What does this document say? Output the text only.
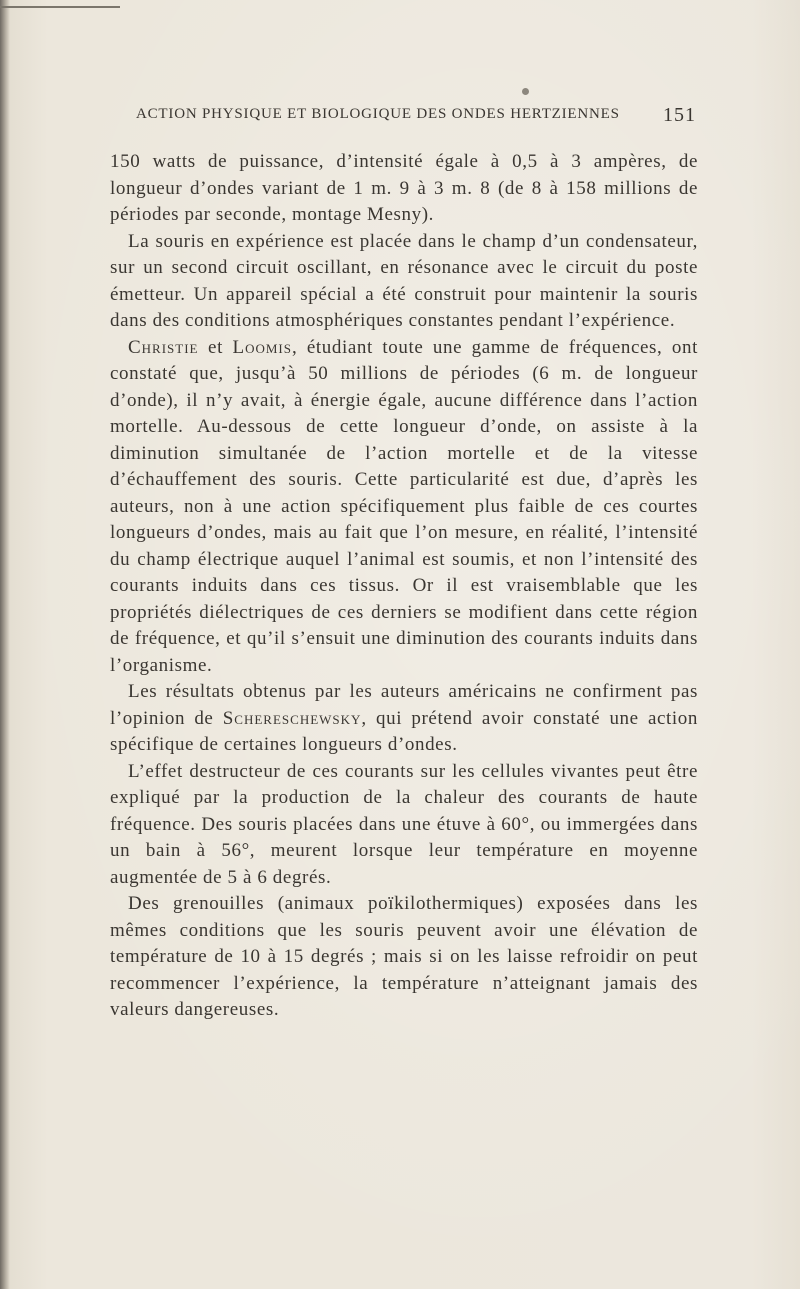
ACTION PHYSIQUE ET BIOLOGIQUE DES ONDES HERTZIENNES 151

150 watts de puissance, d’intensité égale à 0,5 à 3 ampères, de longueur d’ondes variant de 1 m. 9 à 3 m. 8 (de 8 à 158 millions de périodes par seconde, montage Mesny).

La souris en expérience est placée dans le champ d’un condensateur, sur un second circuit oscillant, en résonance avec le circuit du poste émetteur. Un appareil spécial a été construit pour maintenir la souris dans des conditions atmosphériques constantes pendant l’expérience.

Christie et Loomis, étudiant toute une gamme de fréquences, ont constaté que, jusqu’à 50 millions de périodes (6 m. de longueur d’onde), il n’y avait, à énergie égale, aucune différence dans l’action mortelle. Au-dessous de cette longueur d’onde, on assiste à la diminution simultanée de l’action mortelle et de la vitesse d’échauffement des souris. Cette particularité est due, d’après les auteurs, non à une action spécifiquement plus faible de ces courtes longueurs d’ondes, mais au fait que l’on mesure, en réalité, l’intensité du champ électrique auquel l’animal est soumis, et non l’intensité des courants induits dans ces tissus. Or il est vraisemblable que les propriétés diélectriques de ces derniers se modifient dans cette région de fréquence, et qu’il s’ensuit une diminution des courants induits dans l’organisme.

Les résultats obtenus par les auteurs américains ne confirment pas l’opinion de Schereschewsky, qui prétend avoir constaté une action spécifique de certaines longueurs d’ondes.

L’effet destructeur de ces courants sur les cellules vivantes peut être expliqué par la production de la chaleur des courants de haute fréquence. Des souris placées dans une étuve à 60°, ou immergées dans un bain à 56°, meurent lorsque leur température en moyenne augmentée de 5 à 6 degrés.

Des grenouilles (animaux poïkilothermiques) exposées dans les mêmes conditions que les souris peuvent avoir une élévation de température de 10 à 15 degrés ; mais si on les laisse refroidir on peut recommencer l’expérience, la température n’atteignant jamais des valeurs dangereuses.
